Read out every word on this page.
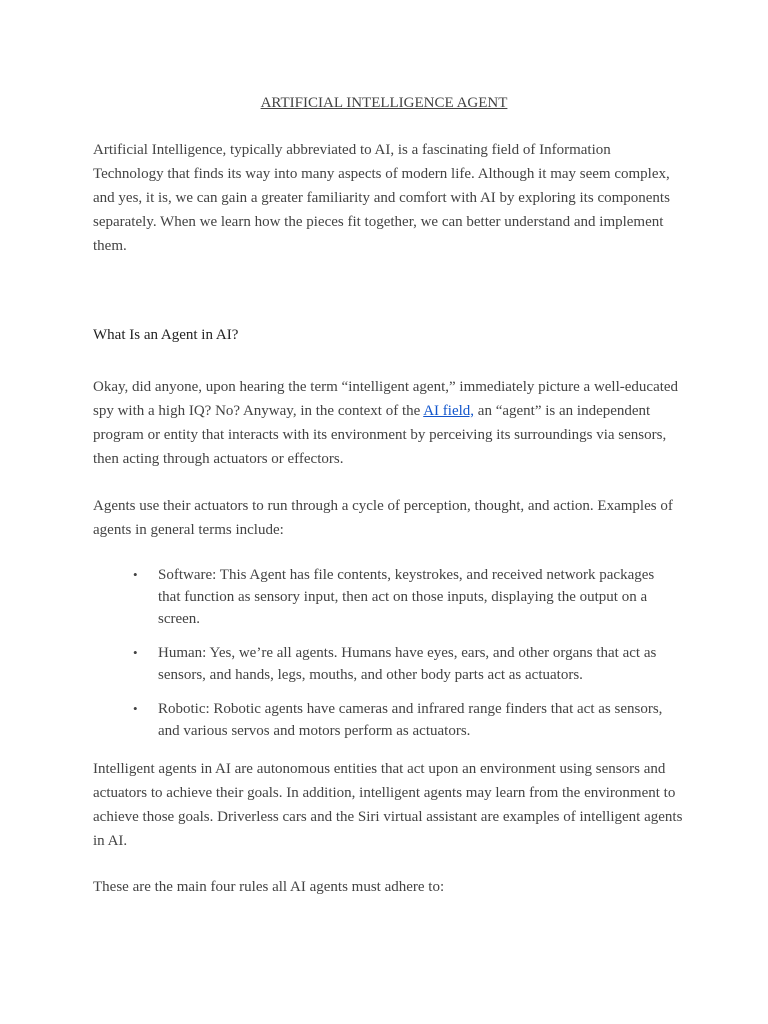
ARTIFICIAL INTELLIGENCE AGENT

Artificial Intelligence, typically abbreviated to AI, is a fascinating field of Information Technology that finds its way into many aspects of modern life. Although it may seem complex, and yes, it is, we can gain a greater familiarity and comfort with AI by exploring its components separately. When we learn how the pieces fit together, we can better understand and implement them.

What Is an Agent in AI?

Okay, did anyone, upon hearing the term “intelligent agent,” immediately picture a well-educated spy with a high IQ? No? Anyway, in the context of the AI field, an “agent” is an independent program or entity that interacts with its environment by perceiving its surroundings via sensors, then acting through actuators or effectors.

Agents use their actuators to run through a cycle of perception, thought, and action. Examples of agents in general terms include:

• Software: This Agent has file contents, keystrokes, and received network packages that function as sensory input, then act on those inputs, displaying the output on a screen.
• Human: Yes, we’re all agents. Humans have eyes, ears, and other organs that act as sensors, and hands, legs, mouths, and other body parts act as actuators.
• Robotic: Robotic agents have cameras and infrared range finders that act as sensors, and various servos and motors perform as actuators.

Intelligent agents in AI are autonomous entities that act upon an environment using sensors and actuators to achieve their goals. In addition, intelligent agents may learn from the environment to achieve those goals. Driverless cars and the Siri virtual assistant are examples of intelligent agents in AI.

These are the main four rules all AI agents must adhere to:
